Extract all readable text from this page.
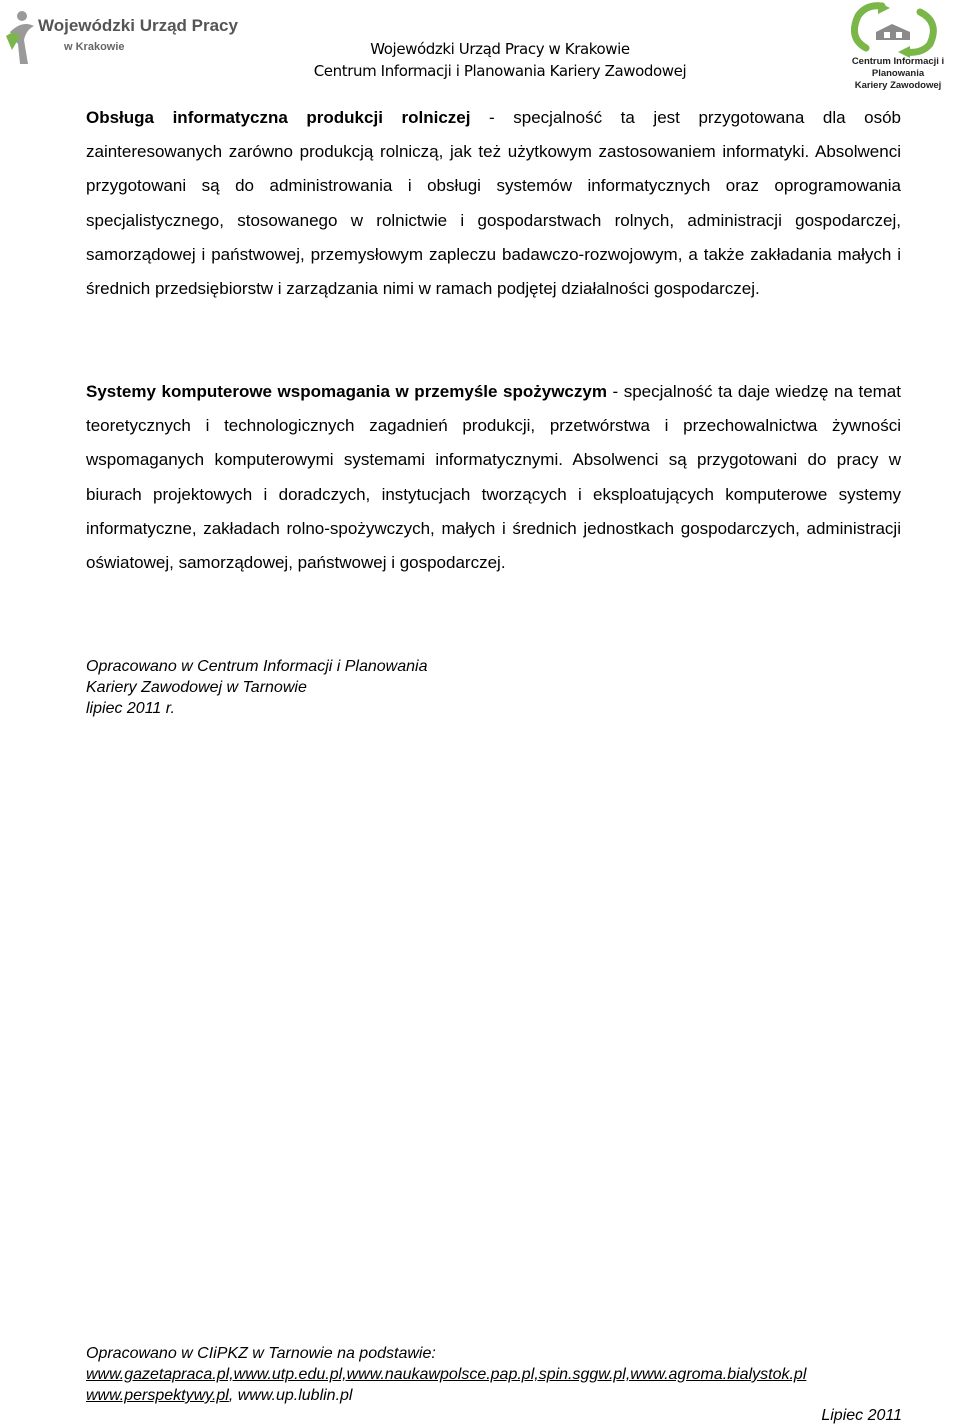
Wojewódzki Urząd Pracy
w Krakowie	Wojewódzki Urząd Pracy w Krakowie
Centrum Informacji i Planowania Kariery Zawodowej
Centrum Informacji i Planowania
Kariery Zawodowej

Obsługa informatyczna produkcji rolniczej - specjalność ta jest przygotowana dla osób zainteresowanych zarówno produkcją rolniczą, jak też użytkowym zastosowaniem informatyki. Absolwenci przygotowani są do administrowania i obsługi systemów informatycznych oraz oprogramowania specjalistycznego, stosowanego w rolnictwie i gospodarstwach rolnych, administracji gospodarczej, samorządowej i państwowej, przemysłowym zapleczu badawczo-rozwojowym, a także zakładania małych i średnich przedsiębiorstw i zarządzania nimi w ramach podjętej działalności gospodarczej.

Systemy komputerowe wspomagania w przemyśle spożywczym - specjalność ta daje wiedzę na temat teoretycznych i technologicznych zagadnień produkcji, przetwórstwa i przechowalnictwa żywności wspomaganych komputerowymi systemami informatycznymi. Absolwenci są przygotowani do pracy w biurach projektowych i doradczych, instytucjach tworzących i eksploatujących komputerowe systemy informatyczne, zakładach rolno-spożywczych, małych i średnich jednostkach gospodarczych, administracji oświatowej, samorządowej, państwowej i gospodarczej.

Opracowano w Centrum Informacji i Planowania
Kariery Zawodowej w Tarnowie
lipiec 2011 r.
Opracowano w CIiPKZ w Tarnowie na podstawie:
www.gazetapraca.pl,www.utp.edu.pl,www.naukawpolsce.pap.pl,spin.sggw.pl,www.agroma.bialystok.pl
www.perspektywy.pl, www.up.lublin.pl
Lipiec 2011
